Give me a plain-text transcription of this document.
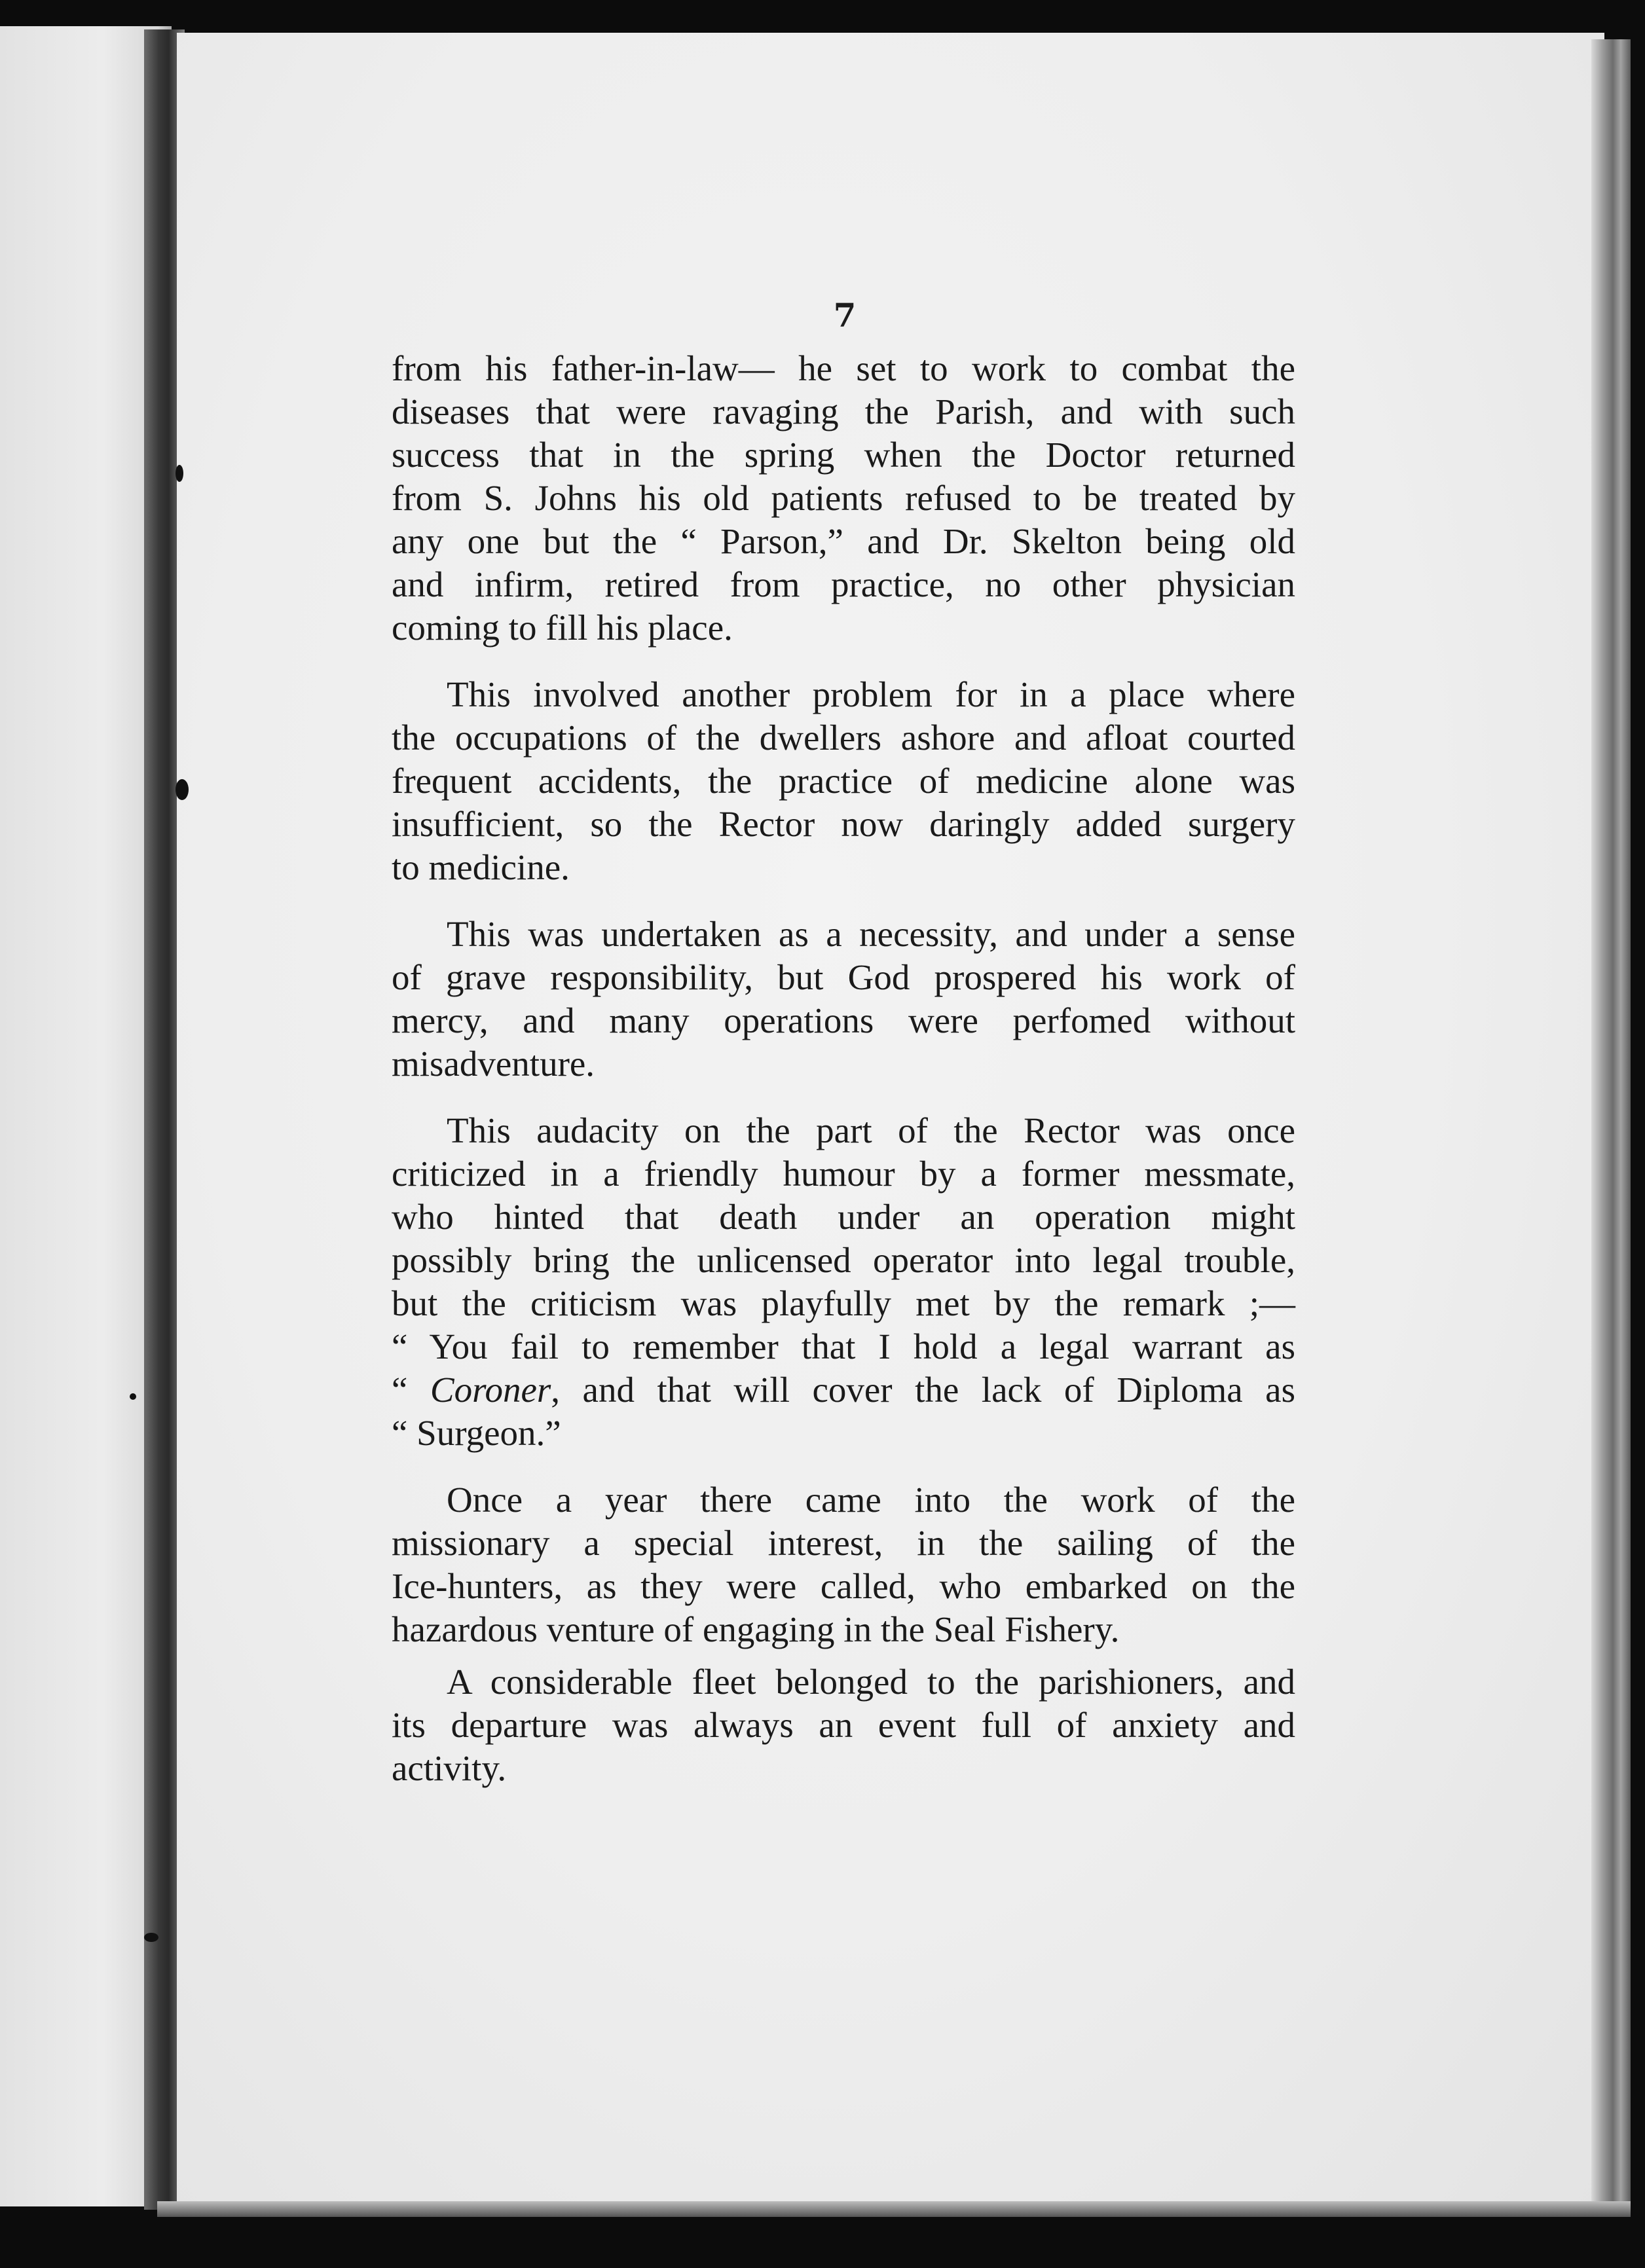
7

from his father-in-law— he set to work to combat the
diseases that were ravaging the Parish, and with such
success that in the spring when the Doctor returned
from S. Johns his old patients refused to be treated by
any one but the “ Parson,” and Dr. Skelton being old
and infirm, retired from practice, no other physician
coming to fill his place.

This involved another problem for in a place where
the occupations of the dwellers ashore and afloat courted
frequent accidents, the practice of medicine alone was
insufficient, so the Rector now daringly added surgery
to medicine.

This was undertaken as a necessity, and under a sense
of grave responsibility, but God prospered his work of
mercy, and many operations were perfomed without
misadventure.

This audacity on the part of the Rector was once
criticized in a friendly humour by a former messmate,
who hinted that death under an operation might
possibly bring the unlicensed operator into legal trouble,
but the criticism was playfully met by the remark ;—
“ You fail to remember that I hold a legal warrant as
“ Coroner, and that will cover the lack of Diploma as
“ Surgeon.”

Once a year there came into the work of the
missionary a special interest, in the sailing of the
Ice-hunters, as they were called, who embarked on the
hazardous venture of engaging in the Seal Fishery.

A considerable fleet belonged to the parishioners, and
its departure was always an event full of anxiety and
activity.
